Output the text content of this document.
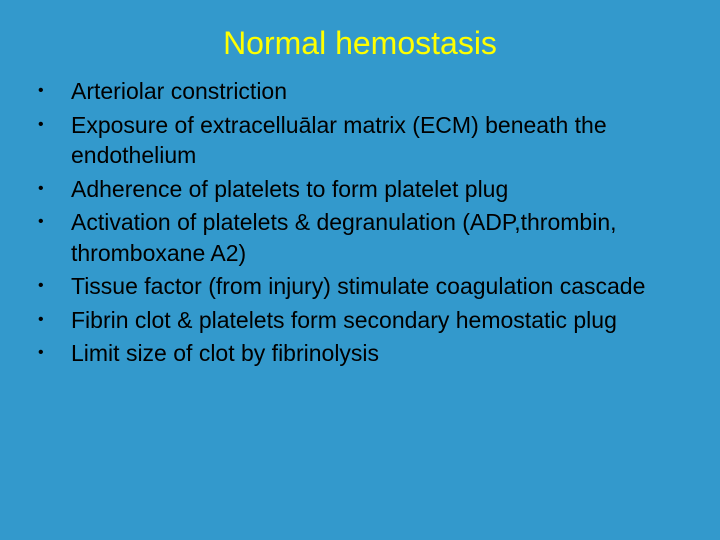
Normal hemostasis
•	Arteriolar constriction
•	Exposure of extracelluālar matrix (ECM) beneath the endothelium
•	Adherence of platelets to form platelet plug
•	Activation of platelets & degranulation (ADP,thrombin, thromboxane A2)
•	Tissue factor (from injury) stimulate coagulation cascade
•	Fibrin clot & platelets form secondary hemostatic plug
•	Limit size of clot by fibrinolysis
